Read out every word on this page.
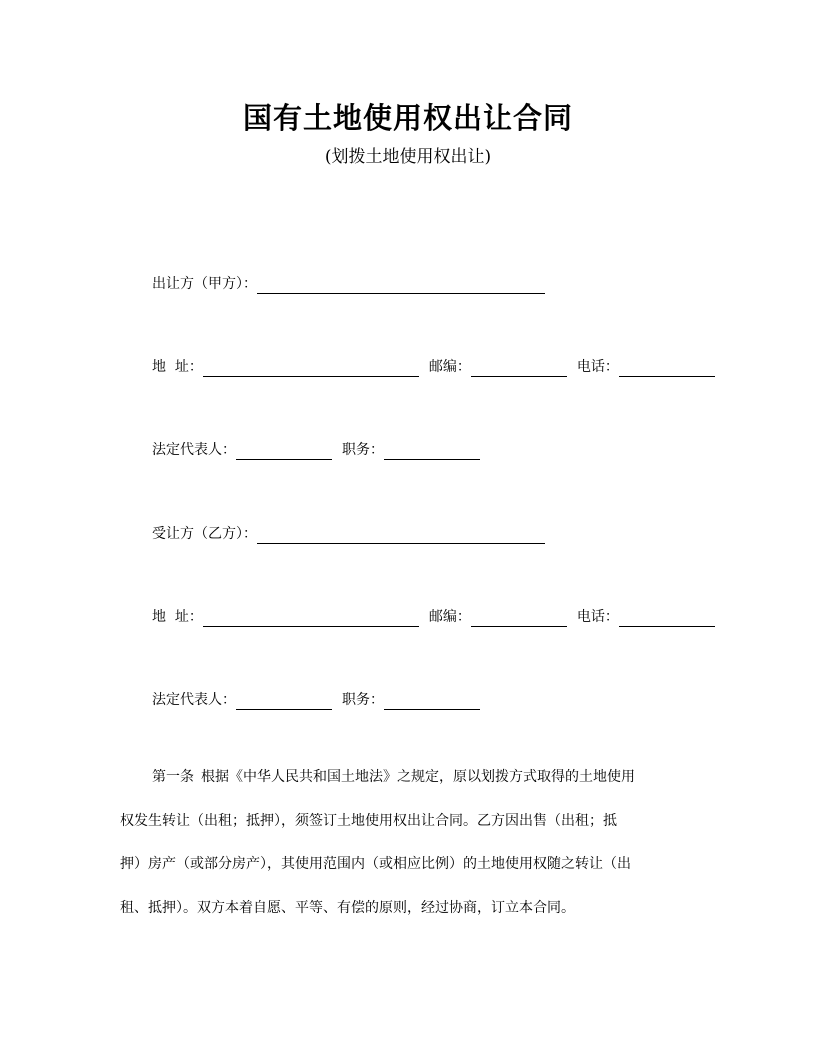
国有土地使用权出让合同
(划拨土地使用权出让)
出让方（甲方）：
地  址：	邮编：	电话：
法定代表人：	职务：
受让方（乙方）：
地  址：	邮编：	电话：
法定代表人：	职务：
第一条 根据《中华人民共和国土地法》之规定，原以划拨方式取得的土地使用
权发生转让（出租；抵押），须签订土地使用权出让合同。乙方因出售（出租；抵
押）房产（或部分房产），其使用范围内（或相应比例）的土地使用权随之转让（出
租、抵押）。双方本着自愿、平等、有偿的原则，经过协商，订立本合同。
